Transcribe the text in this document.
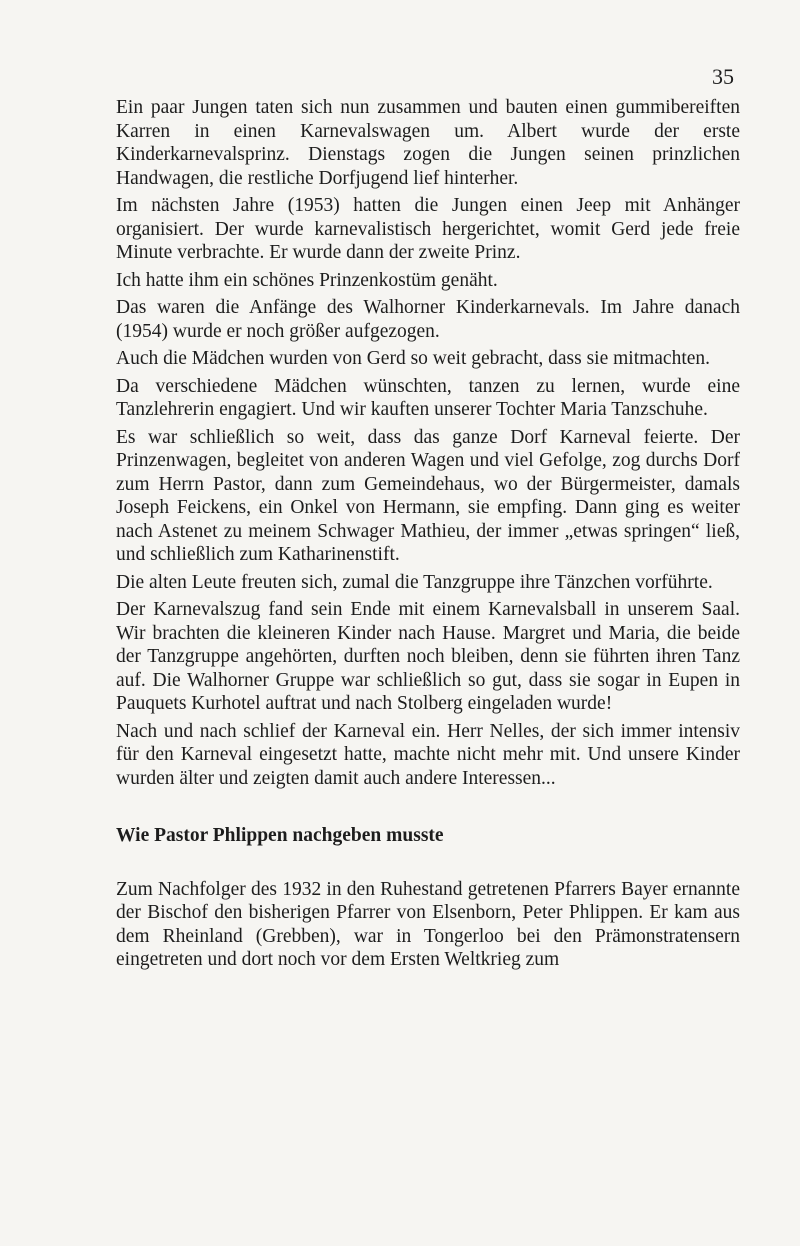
35

Ein paar Jungen taten sich nun zusammen und bauten einen gummibereiften Karren in einen Karnevalswagen um. Albert wurde der erste Kinderkarnevalsprinz. Dienstags zogen die Jungen seinen prinzlichen Handwagen, die restliche Dorfjugend lief hinterher.

Im nächsten Jahre (1953) hatten die Jungen einen Jeep mit Anhänger organisiert. Der wurde karnevalistisch hergerichtet, womit Gerd jede freie Minute verbrachte. Er wurde dann der zweite Prinz.

Ich hatte ihm ein schönes Prinzenkostüm genäht.

Das waren die Anfänge des Walhorner Kinderkarnevals. Im Jahre danach (1954) wurde er noch größer aufgezogen.

Auch die Mädchen wurden von Gerd so weit gebracht, dass sie mitmachten.

Da verschiedene Mädchen wünschten, tanzen zu lernen, wurde eine Tanzlehrerin engagiert. Und wir kauften unserer Tochter Maria Tanzschuhe.

Es war schließlich so weit, dass das ganze Dorf Karneval feierte. Der Prinzenwagen, begleitet von anderen Wagen und viel Gefolge, zog durchs Dorf zum Herrn Pastor, dann zum Gemeindehaus, wo der Bürgermeister, damals Joseph Feickens, ein Onkel von Hermann, sie empfing. Dann ging es weiter nach Astenet zu meinem Schwager Mathieu, der immer „etwas springen“ ließ, und schließlich zum Katharinenstift.

Die alten Leute freuten sich, zumal die Tanzgruppe ihre Tänzchen vorführte.

Der Karnevalszug fand sein Ende mit einem Karnevalsball in unserem Saal. Wir brachten die kleineren Kinder nach Hause. Margret und Maria, die beide der Tanzgruppe angehörten, durften noch bleiben, denn sie führten ihren Tanz auf. Die Walhorner Gruppe war schließlich so gut, dass sie sogar in Eupen in Pauquets Kurhotel auftrat und nach Stolberg eingeladen wurde!

Nach und nach schlief der Karneval ein. Herr Nelles, der sich immer intensiv für den Karneval eingesetzt hatte, machte nicht mehr mit. Und unsere Kinder wurden älter und zeigten damit auch andere Interessen...

Wie Pastor Phlippen nachgeben musste

Zum Nachfolger des 1932 in den Ruhestand getretenen Pfarrers Bayer ernannte der Bischof den bisherigen Pfarrer von Elsenborn, Peter Phlippen. Er kam aus dem Rheinland (Grebben), war in Tongerloo bei den Prämonstratensern eingetreten und dort noch vor dem Ersten Weltkrieg zum
